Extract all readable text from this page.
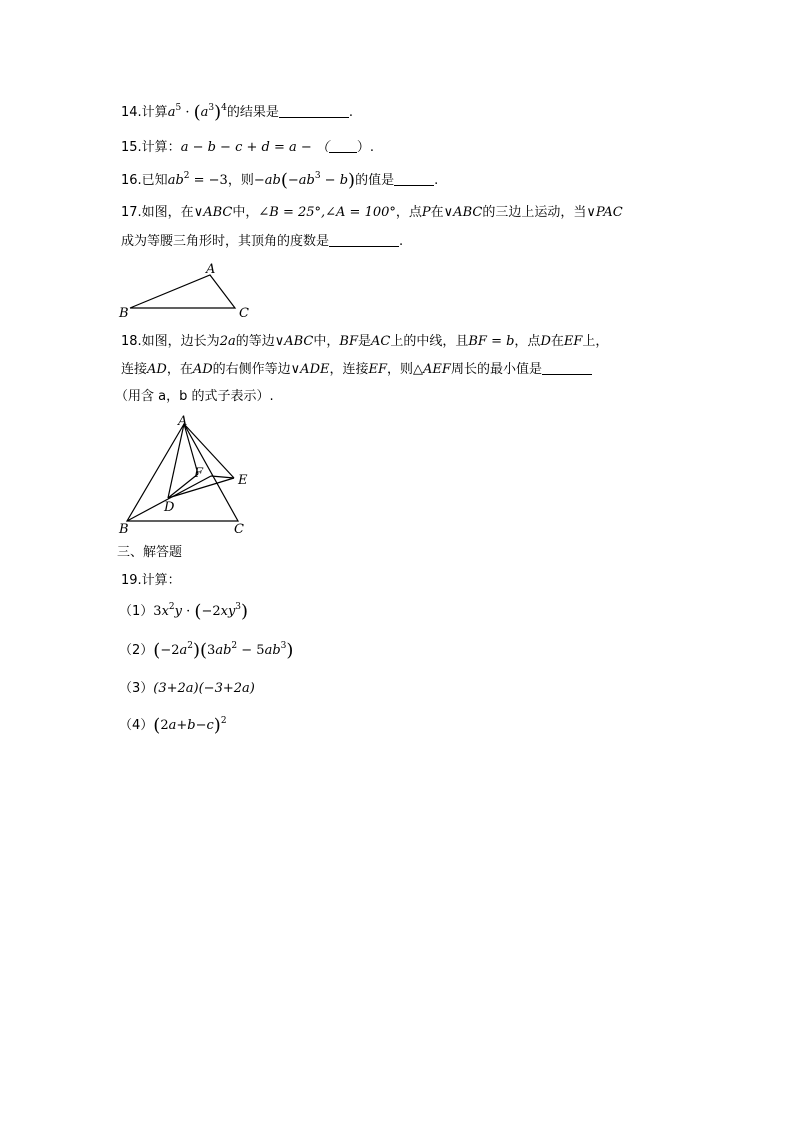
14.计算$a^5 \cdot (a^3)^4$的结果是	.
15.计算：a − b − c + d = a − （ ）.
16.已知$ab^2 = -3$，则$-ab(-ab^3 - b)$的值是	.
17.如图，在∨ABC中，∠B = 25°,∠A = 100°，点P在∨ABC的三边上运动，当∨PAC
成为等腰三角形时，其顶角的度数是	.
A
B	C
18.如图，边长为2a的等边∨ABC中，BF是AC上的中线，且BF = b，点D在EF上，
连接AD，在AD的右侧作等边∨ADE，连接EF，则△AEF周长的最小值是
（用含 a，b 的式子表示）.
A
B	C
D
E
F
三、解答题
19.计算：
$(1)3x^2y \cdot (-2xy^3)$
$(2)(-2a^2)(3ab^2 - 5ab^3)$
（3）(3+2a)(−3+2a)
$(4)(2a+b-c)^2$
